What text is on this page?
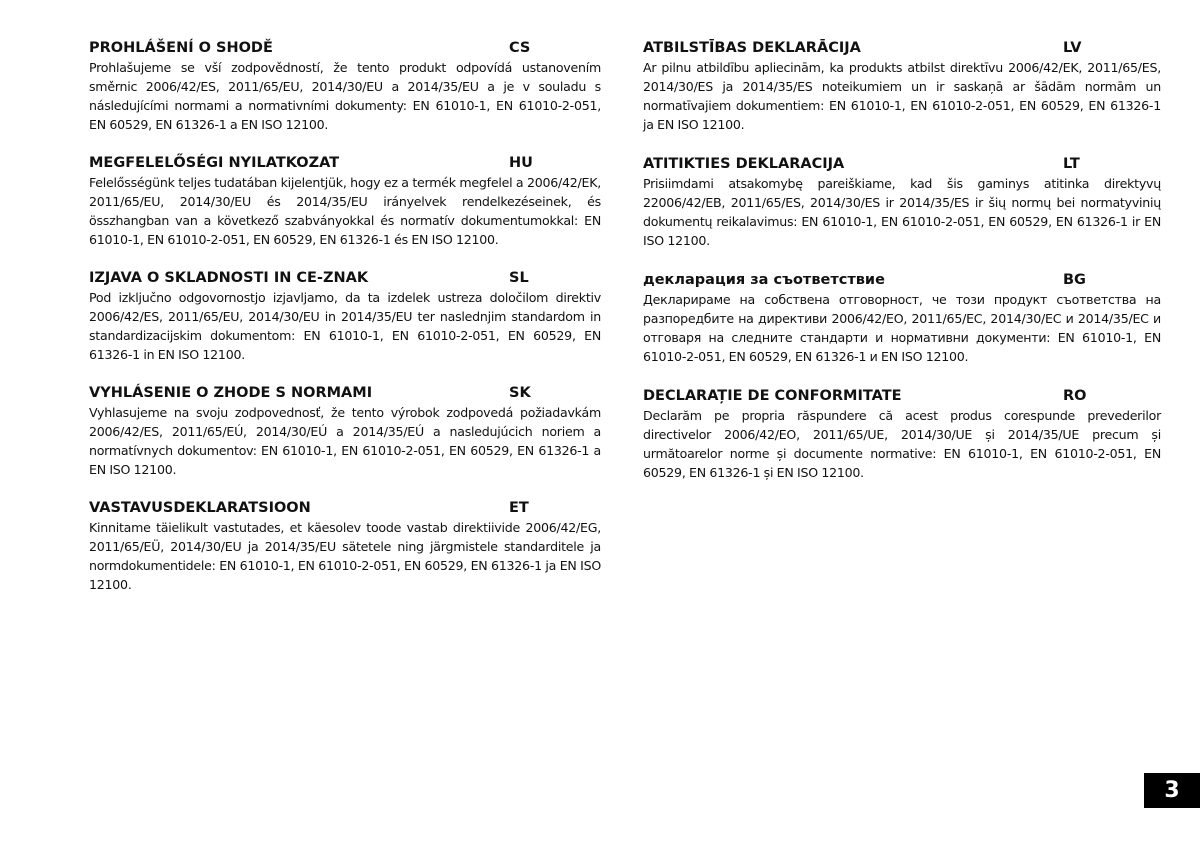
PROHLÁŠENÍ O SHODĚ	CS
Prohlašujeme se vší zodpovědností, že tento produkt odpovídá ustanovením směrnic 2006/42/ES, 2011/65/EU, 2014/30/EU a 2014/35/EU a je v souladu s následujícími normami a normativními dokumenty: EN 61010-1, EN 61010-2-051, EN 60529, EN 61326-1 a EN ISO 12100.
MEGFELELŐSÉGI NYILATKOZAT	HU
Felelősségünk teljes tudatában kijelentjük, hogy ez a termék megfelel a 2006/42/EK, 2011/65/EU, 2014/30/EU és 2014/35/EU irányelvek rendelkezéseinek, és összhangban van a következő szabványokkal és normatív dokumentumokkal: EN 61010-1, EN 61010-2-051, EN 60529, EN 61326-1 és EN ISO 12100.
IZJAVA O SKLADNOSTI IN CE-ZNAK	SL
Pod izključno odgovornostjo izjavljamo, da ta izdelek ustreza določilom direktiv 2006/42/ES, 2011/65/EU, 2014/30/EU in 2014/35/EU ter naslednjim standardom in standardizacijskim dokumentom: EN 61010-1, EN 61010-2-051, EN 60529, EN 61326-1 in EN ISO 12100.
VYHLÁSENIE O ZHODE S NORMAMI	SK
Vyhlasujeme na svoju zodpovednosť, že tento výrobok zodpovedá požiadavkám 2006/42/ES, 2011/65/EÚ, 2014/30/EÚ a 2014/35/EÚ a nasledujúcich noriem a normatívnych dokumentov: EN 61010-1, EN 61010-2-051, EN 60529, EN 61326-1 a EN ISO 12100.
VASTAVUSDEKLARATSIOON	ET
Kinnitame täielikult vastutades, et käesolev toode vastab direktiivide 2006/42/EG, 2011/65/EÜ, 2014/30/EU ja 2014/35/EU sätetele ning järgmistele standarditele ja normdokumentidele: EN 61010-1, EN 61010-2-051, EN 60529, EN 61326-1 ja EN ISO 12100.
ATBILSTĪBAS DEKLARĀCIJA	LV
Ar pilnu atbildību apliecinām, ka produkts atbilst direktīvu 2006/42/EK, 2011/65/ES, 2014/30/ES ja 2014/35/ES noteikumiem un ir saskaņā ar šādām normām un normatīvajiem dokumentiem: EN 61010-1, EN 61010-2-051, EN 60529, EN 61326-1 ja EN ISO 12100.
ATITIKTIES DEKLARACIJA	LT
Prisiimdami atsakomybę pareiškiame, kad šis gaminys atitinka direktyvų 22006/42/EB, 2011/65/ES, 2014/30/ES ir 2014/35/ES ir šių normų bei normatyvinių dokumentų reikalavimus: EN 61010-1, EN 61010-2-051, EN 60529, EN 61326-1 ir EN ISO 12100.
декларация за съответствие	BG
Декларираме на собствена отговорност, че този продукт съответства на разпоредбите на директиви 2006/42/ЕО, 2011/65/ЕС, 2014/30/ЕС и 2014/35/ЕС и отговаря на следните стандарти и нормативни документи: EN 61010-1, EN 61010-2-051, EN 60529, EN 61326-1 и EN ISO 12100.
DECLARAȚIE DE CONFORMITATE	RO
Declarăm pe propria răspundere că acest produs corespunde prevederilor directivelor 2006/42/EO, 2011/65/UE, 2014/30/UE și 2014/35/UE precum și următoarelor norme și documente normative: EN 61010-1, EN 61010-2-051, EN 60529, EN 61326-1 și EN ISO 12100.
3
